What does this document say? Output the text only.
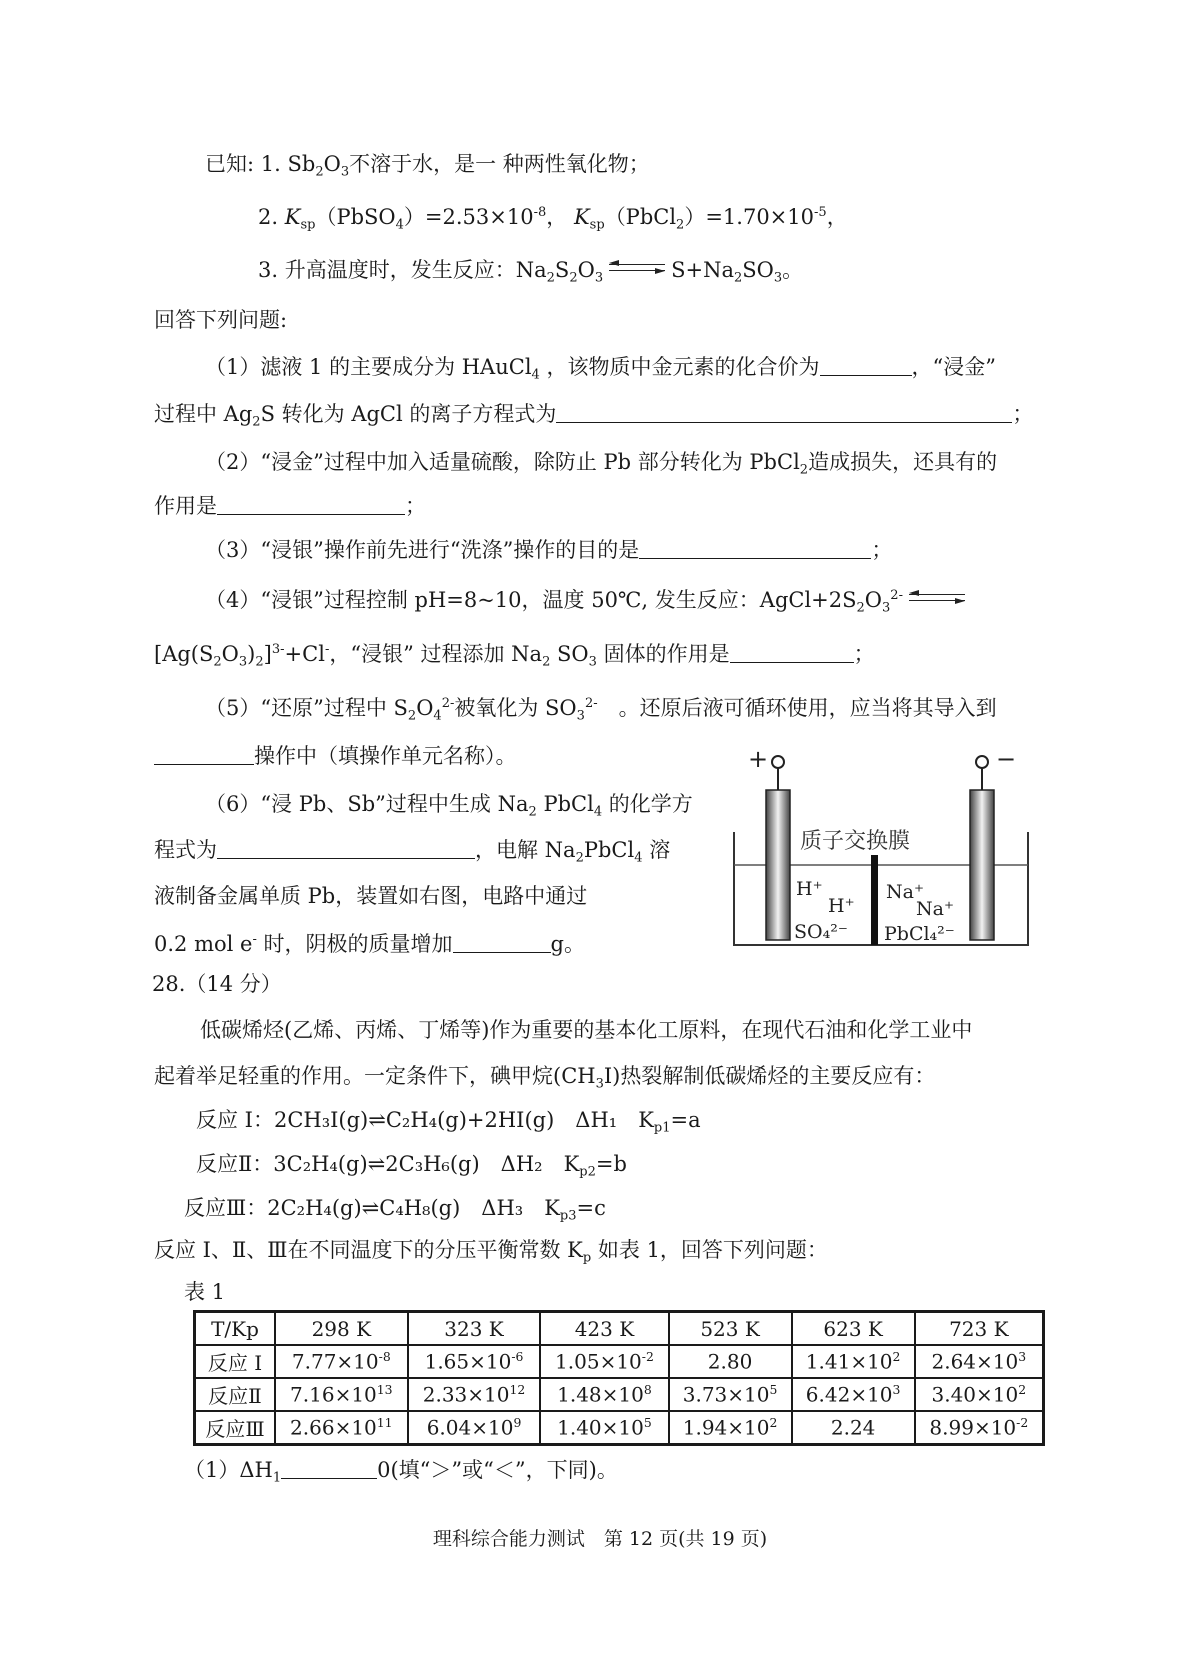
已知: 1. $Sb_2O_3$不溶于水，是一 种两性氧化物；
2. $K_{sp}(PbSO_4)=2.53\times 10^{-8}$， $K_{sp}(PbCl_2)=1.70\times 10^{-5}$，
3. 升高温度时，发生反应：$Na_2S_2O_3$	$S+Na_2SO_3$。
回答下列问题:
（1）滤液 1 的主要成分为 HAuCl$_4$ ，该物质中金元素的化合价为	，“浸金”
过程中 $Ag_2S$ 转化为 AgCl 的离子方程式为	；
（2）“浸金”过程中加入适量硫酸，除防止 Pb 部分转化为 PbCl$_2$造成损失，还具有的
作用是	；
（3）“浸银”操作前先进行“洗涤”操作的目的是	；
（4）“浸银”过程控制 pH=8~10，温度 50℃, 发生反应：$AgCl+2S_2O_3^{2-}$
$[Ag(S_2O_3)_2]^{3-}+Cl^-$，“浸银” 过程添加 $Na_2$ $SO_3$ 固体的作用是	；
（5）“还原”过程中 $S_2O_4^{2-}$被氧化为 $SO_3^{2-}$　 。还原后液可循环使用，应当将其导入到
操作中（填操作单元名称）。
（6）“浸 Pb、Sb”过程中生成 $Na_2$ PbCl$_4$ 的化学方
程式为	，电解 $Na_2PbCl_4$ 溶
液制备金属单质 Pb，装置如右图，电路中通过
0.2 mol e- 时，阴极的质量增加	g。
+	−
质子交换膜
H⁺
H⁺
SO₄²⁻
Na⁺
Na⁺
PbCl₄²⁻
28.（14 分）
低碳烯烃(乙烯、丙烯、丁烯等)作为重要的基本化工原料，在现代石油和化学工业中
起着举足轻重的作用。一定条件下，碘甲烷$(CH_3I)$热裂解制低碳烯烃的主要反应有：
反应 I：2CH₃I(g)⇌C₂H₄(g)+2HI(g)　ΔH₁　$K_{p1}=a$
反应Ⅱ：3C₂H₄(g)⇌2C₃H₆(g)　ΔH₂　$K_{p2}=b$
反应Ⅲ：2C₂H₄(g)⇌C₄H₈(g)　ΔH₃　$K_{p3}=c$
反应 I、Ⅱ、Ⅲ在不同温度下的分压平衡常数 $K_p$ 如表 1，回答下列问题：
表 1
T/Kp	298 K	323 K	423 K	523 K	623 K	723 K
反应 I	$7.77\times 10^{-8}$	$1.65\times 10^{-6}$	$1.05\times 10^{-2}$	2.80	$1.41\times 10^2$	$2.64\times 10^3$
反应Ⅱ	$7.16\times 10^{13}$	$2.33\times 10^{12}$	$1.48\times 10^8$	$3.73\times 10^5$	$6.42\times 10^3$	$3.40\times 10^2$
反应Ⅲ	$2.66\times 10^{11}$	$6.04\times 10^9$	$1.40\times 10^5$	$1.94\times 10^2$	2.24	$8.99\times 10^{-2}$
$(1)\Delta H_1$	0(填“＞”或“＜”，下同)。
理科综合能力测试　第 12 页(共 19 页)
